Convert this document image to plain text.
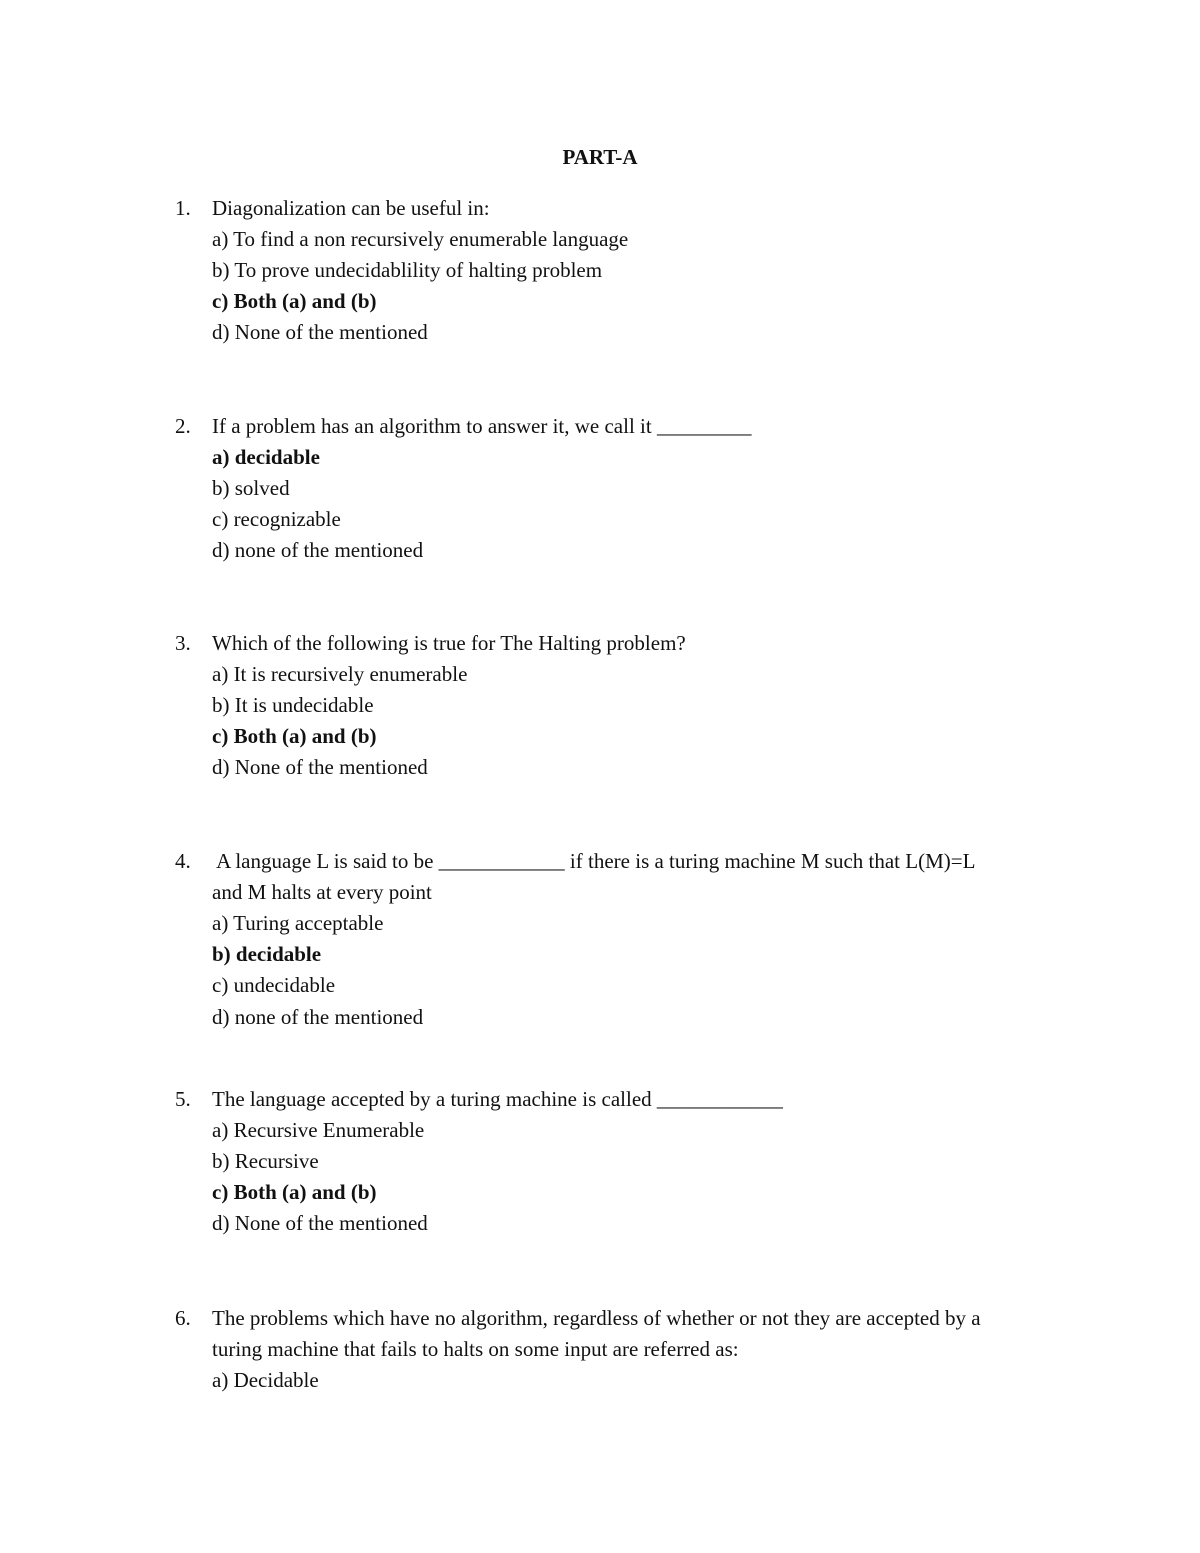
PART-A
1. Diagonalization can be useful in:
a) To find a non recursively enumerable language
b) To prove undecidablility of halting problem
c) Both (a) and (b)
d) None of the mentioned
2. If a problem has an algorithm to answer it, we call it _________
a) decidable
b) solved
c) recognizable
d) none of the mentioned
3. Which of the following is true for The Halting problem?
a) It is recursively enumerable
b) It is undecidable
c) Both (a) and (b)
d) None of the mentioned
4. A language L is said to be ____________ if there is a turing machine M such that L(M)=L
and M halts at every point
a) Turing acceptable
b) decidable
c) undecidable
d) none of the mentioned
5. The language accepted by a turing machine is called ____________
a) Recursive Enumerable
b) Recursive
c) Both (a) and (b)
d) None of the mentioned
6. The problems which have no algorithm, regardless of whether or not they are accepted by a
turing machine that fails to halts on some input are referred as:
a) Decidable
